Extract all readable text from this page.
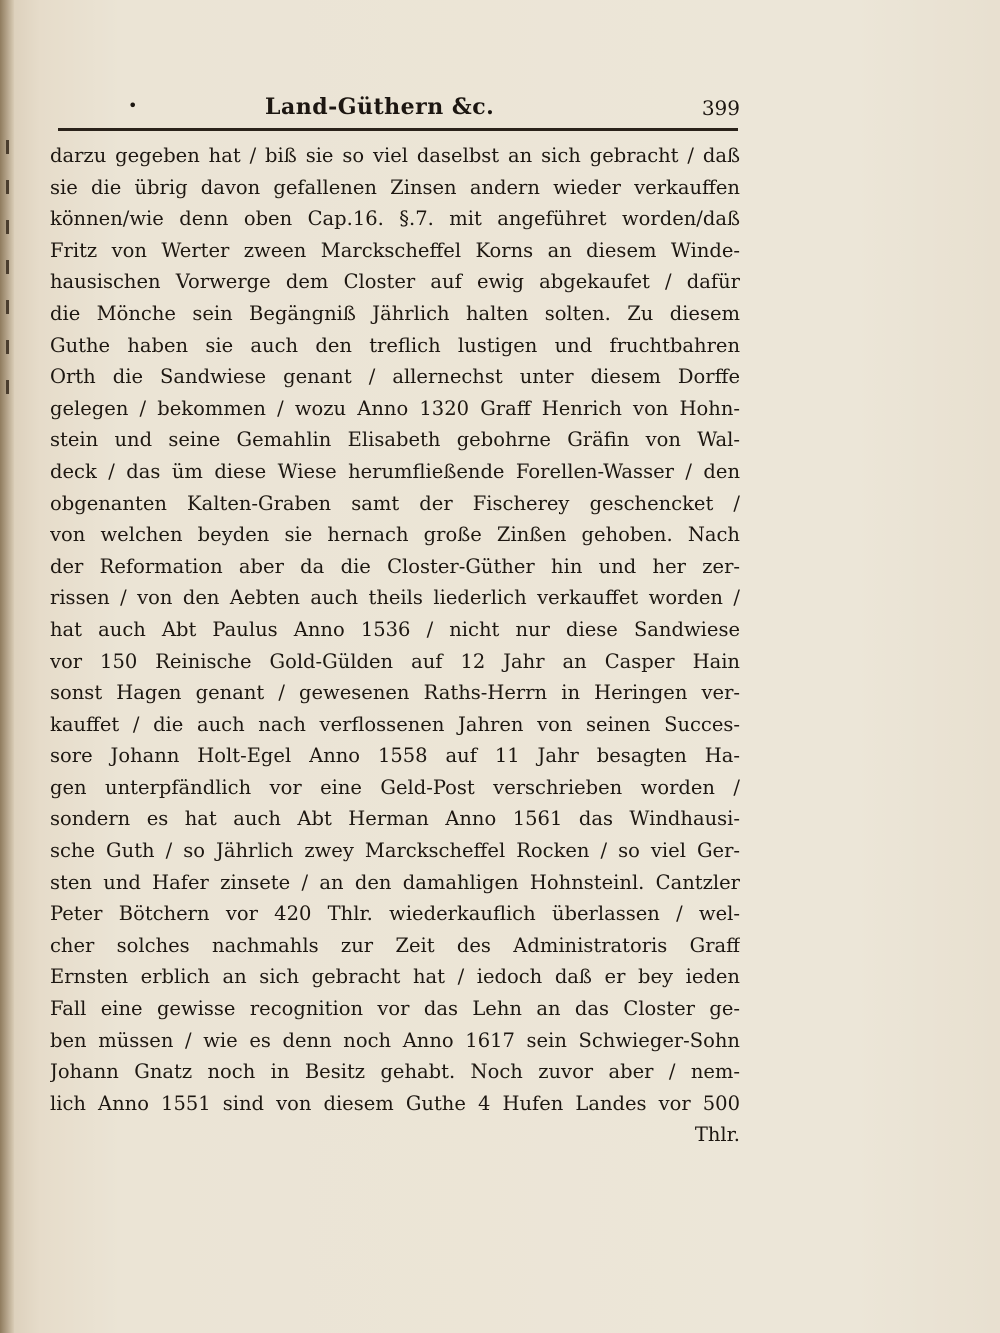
•	Land-Güthern &c.	399
darzu gegeben hat / biß sie so viel daselbst an sich gebracht / daß
sie die übrig davon gefallenen Zinsen andern wieder verkauffen
können/wie denn oben Cap.16. §.7. mit angeführet worden/daß
Fritz von Werter zween Marckscheffel Korns an diesem Winde-
hausischen Vorwerge dem Closter auf ewig abgekaufet / dafür
die Mönche sein Begängniß Jährlich halten solten. Zu diesem
Guthe haben sie auch den treflich lustigen und fruchtbahren
Orth die Sandwiese genant / allernechst unter diesem Dorffe
gelegen / bekommen / wozu Anno 1320 Graff Henrich von Hohn-
stein und seine Gemahlin Elisabeth gebohrne Gräfin von Wal-
deck / das üm diese Wiese herumfließende Forellen-Wasser / den
obgenanten Kalten-Graben samt der Fischerey geschencket /
von welchen beyden sie hernach große Zinßen gehoben. Nach
der Reformation aber da die Closter-Güther hin und her zer-
rissen / von den Aebten auch theils liederlich verkauffet worden /
hat auch Abt Paulus Anno 1536 / nicht nur diese Sandwiese
vor 150 Reinische Gold-Gülden auf 12 Jahr an Casper Hain
sonst Hagen genant / gewesenen Raths-Herrn in Heringen ver-
kauffet / die auch nach verflossenen Jahren von seinen Succes-
sore Johann Holt-Egel Anno 1558 auf 11 Jahr besagten Ha-
gen unterpfändlich vor eine Geld-Post verschrieben worden /
sondern es hat auch Abt Herman Anno 1561 das Windhausi-
sche Guth / so Jährlich zwey Marckscheffel Rocken / so viel Ger-
sten und Hafer zinsete / an den damahligen Hohnsteinl. Cantzler
Peter Bötchern vor 420 Thlr. wiederkauflich überlassen / wel-
cher solches nachmahls zur Zeit des Administratoris Graff
Ernsten erblich an sich gebracht hat / iedoch daß er bey ieden
Fall eine gewisse recognition vor das Lehn an das Closter ge-
ben müssen / wie es denn noch Anno 1617 sein Schwieger-Sohn
Johann Gnatz noch in Besitz gehabt. Noch zuvor aber / nem-
lich Anno 1551 sind von diesem Guthe 4 Hufen Landes vor 500
Thlr.
